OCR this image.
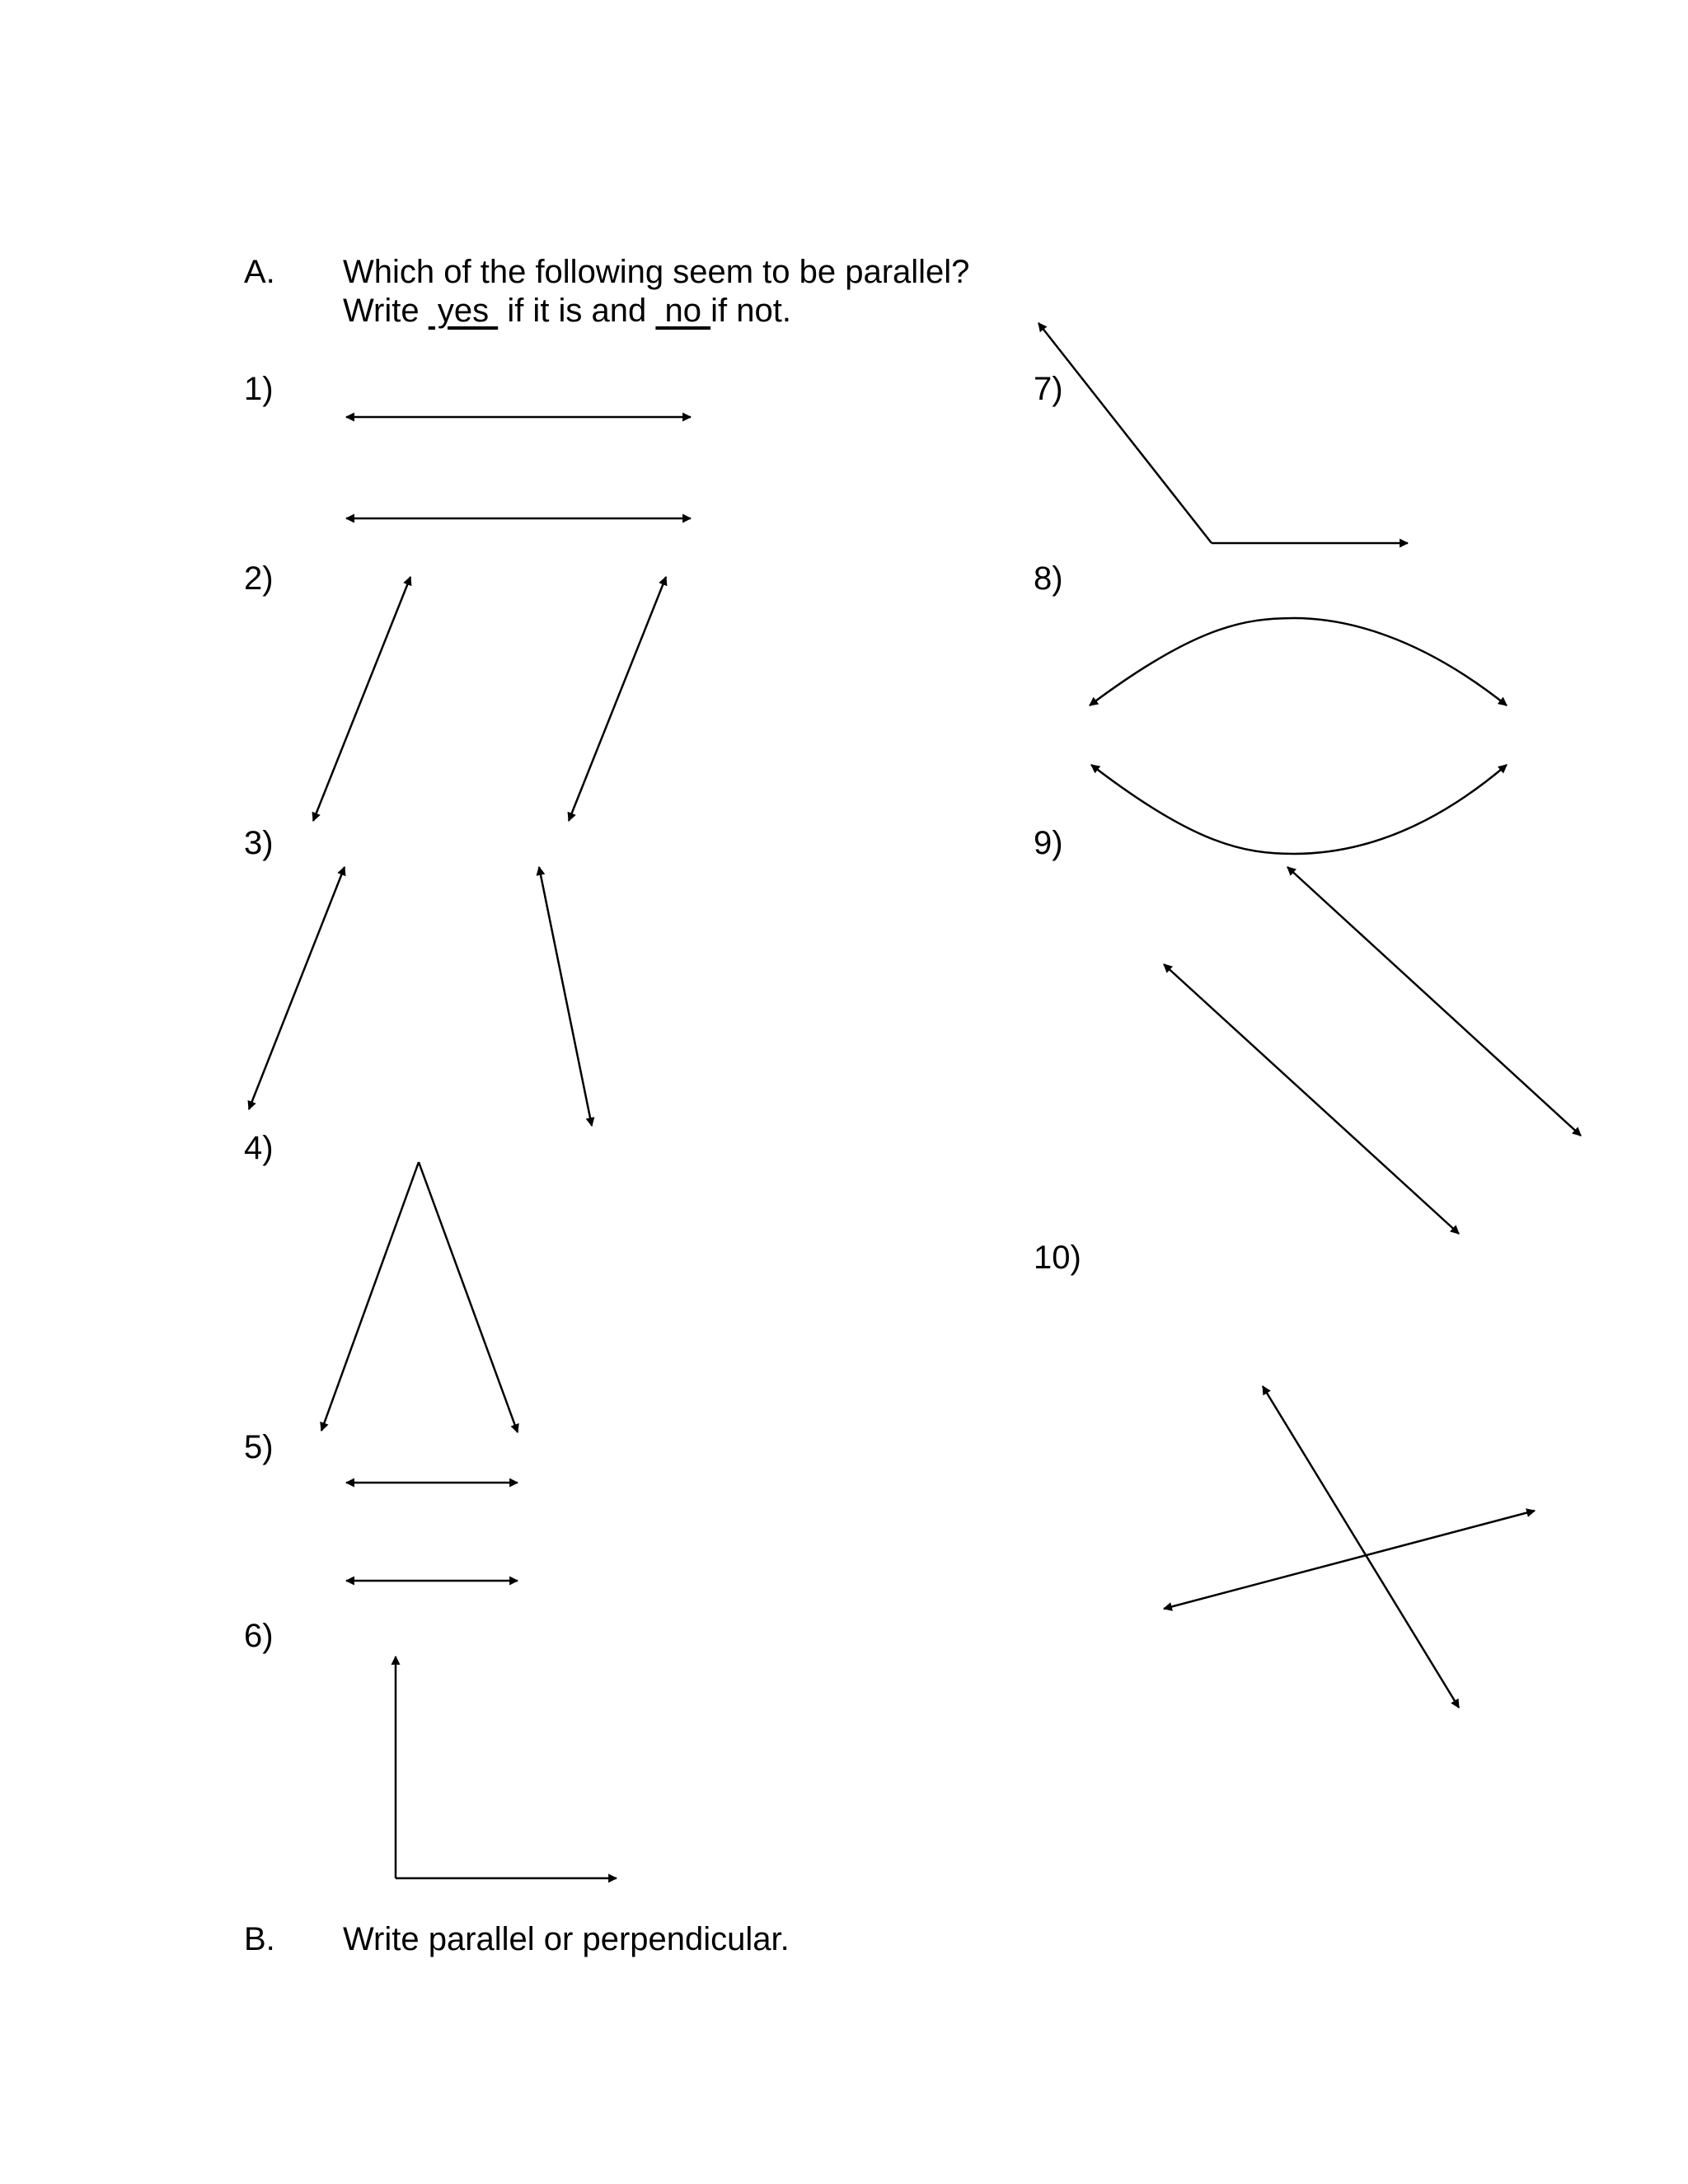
A. Which of the following seem to be parallel?
Write  yes  if it is and  no if not.
1)
2)
3)
4)
5)
6)
7)
8)
9)
10)
B. Write parallel or perpendicular.
